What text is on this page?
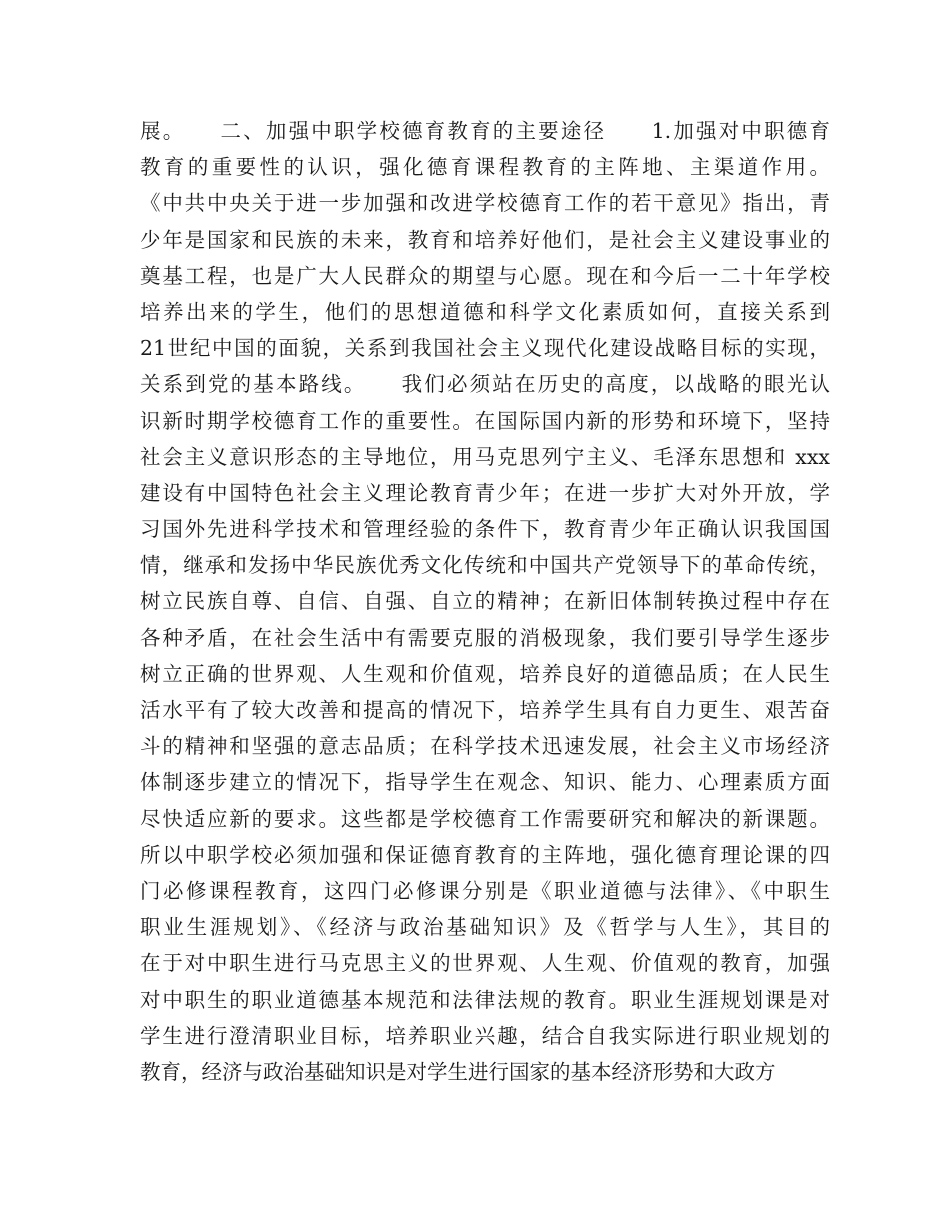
展。　　二、加强中职学校德育教育的主要途径　　1.加强对中职德育
教育的重要性的认识，强化德育课程教育的主阵地、主渠道作用。
《中共中央关于进一步加强和改进学校德育工作的若干意见》指出，青
少年是国家和民族的未来，教育和培养好他们，是社会主义建设事业的
奠基工程，也是广大人民群众的期望与心愿。现在和今后一二十年学校
培养出来的学生，他们的思想道德和科学文化素质如何，直接关系到
21世纪中国的面貌，关系到我国社会主义现代化建设战略目标的实现，
关系到党的基本路线。　　我们必须站在历史的高度，以战略的眼光认
识新时期学校德育工作的重要性。在国际国内新的形势和环境下，坚持
社会主义意识形态的主导地位，用马克思列宁主义、毛泽东思想和 xxx
建设有中国特色社会主义理论教育青少年；在进一步扩大对外开放，学
习国外先进科学技术和管理经验的条件下，教育青少年正确认识我国国
情，继承和发扬中华民族优秀文化传统和中国共产党领导下的革命传统，
树立民族自尊、自信、自强、自立的精神；在新旧体制转换过程中存在
各种矛盾，在社会生活中有需要克服的消极现象，我们要引导学生逐步
树立正确的世界观、人生观和价值观，培养良好的道德品质；在人民生
活水平有了较大改善和提高的情况下，培养学生具有自力更生、艰苦奋
斗的精神和坚强的意志品质；在科学技术迅速发展，社会主义市场经济
体制逐步建立的情况下，指导学生在观念、知识、能力、心理素质方面
尽快适应新的要求。这些都是学校德育工作需要研究和解决的新课题。
所以中职学校必须加强和保证德育教育的主阵地，强化德育理论课的四
门必修课程教育，这四门必修课分别是《职业道德与法律》、《中职生
职业生涯规划》、《经济与政治基础知识》及《哲学与人生》，其目的
在于对中职生进行马克思主义的世界观、人生观、价值观的教育，加强
对中职生的职业道德基本规范和法律法规的教育。职业生涯规划课是对
学生进行澄清职业目标，培养职业兴趣，结合自我实际进行职业规划的
教育，经济与政治基础知识是对学生进行国家的基本经济形势和大政方
